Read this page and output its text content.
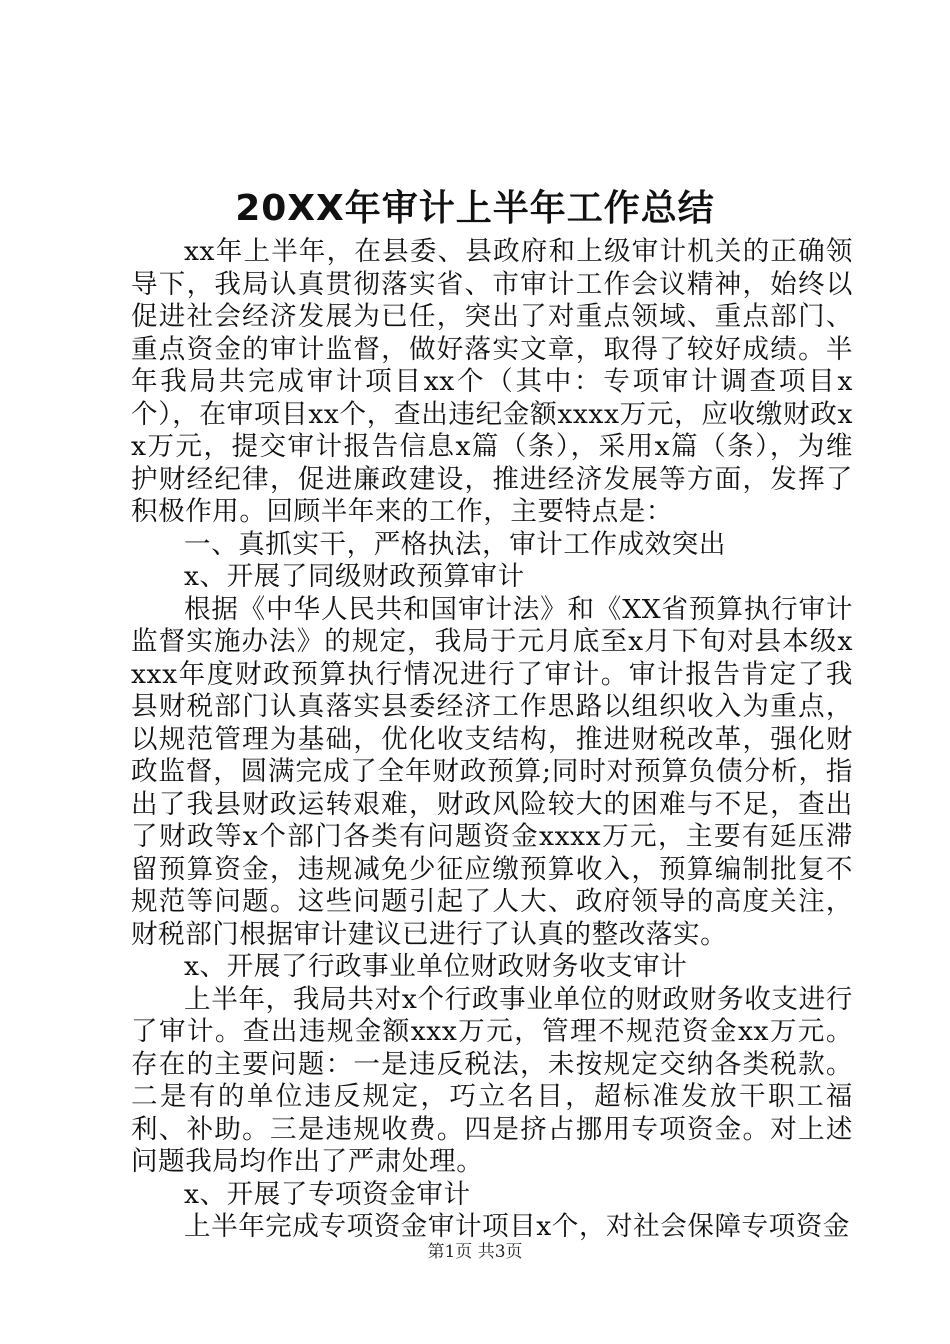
20XX年审计上半年工作总结

xx年上半年，在县委、县政府和上级审计机关的正确领导下，我局认真贯彻落实省、市审计工作会议精神，始终以促进社会经济发展为已任，突出了对重点领域、重点部门、重点资金的审计监督，做好落实文章，取得了较好成绩。半年我局共完成审计项目xx个（其中：专项审计调查项目x个），在审项目xx个，查出违纪金额xxxx万元，应收缴财政xx万元，提交审计报告信息x篇（条），采用x篇（条），为维护财经纪律，促进廉政建设，推进经济发展等方面，发挥了积极作用。回顾半年来的工作，主要特点是：

一、真抓实干，严格执法，审计工作成效突出

x、开展了同级财政预算审计

根据《中华人民共和国审计法》和《XX省预算执行审计监督实施办法》的规定，我局于元月底至x月下旬对县本级xxxx年度财政预算执行情况进行了审计。审计报告肯定了我县财税部门认真落实县委经济工作思路以组织收入为重点，以规范管理为基础，优化收支结构，推进财税改革，强化财政监督，圆满完成了全年财政预算;同时对预算负债分析，指出了我县财政运转艰难，财政风险较大的困难与不足，查出了财政等x个部门各类有问题资金xxxx万元，主要有延压滞留预算资金，违规减免少征应缴预算收入，预算编制批复不规范等问题。这些问题引起了人大、政府领导的高度关注，财税部门根据审计建议已进行了认真的整改落实。

x、开展了行政事业单位财政财务收支审计

上半年，我局共对x个行政事业单位的财政财务收支进行了审计。查出违规金额xxx万元，管理不规范资金xx万元。存在的主要问题：一是违反税法，未按规定交纳各类税款。二是有的单位违反规定，巧立名目，超标准发放干职工福利、补助。三是违规收费。四是挤占挪用专项资金。对上述问题我局均作出了严肃处理。

x、开展了专项资金审计

上半年完成专项资金审计项目x个，对社会保障专项资金

第1页 共3页
